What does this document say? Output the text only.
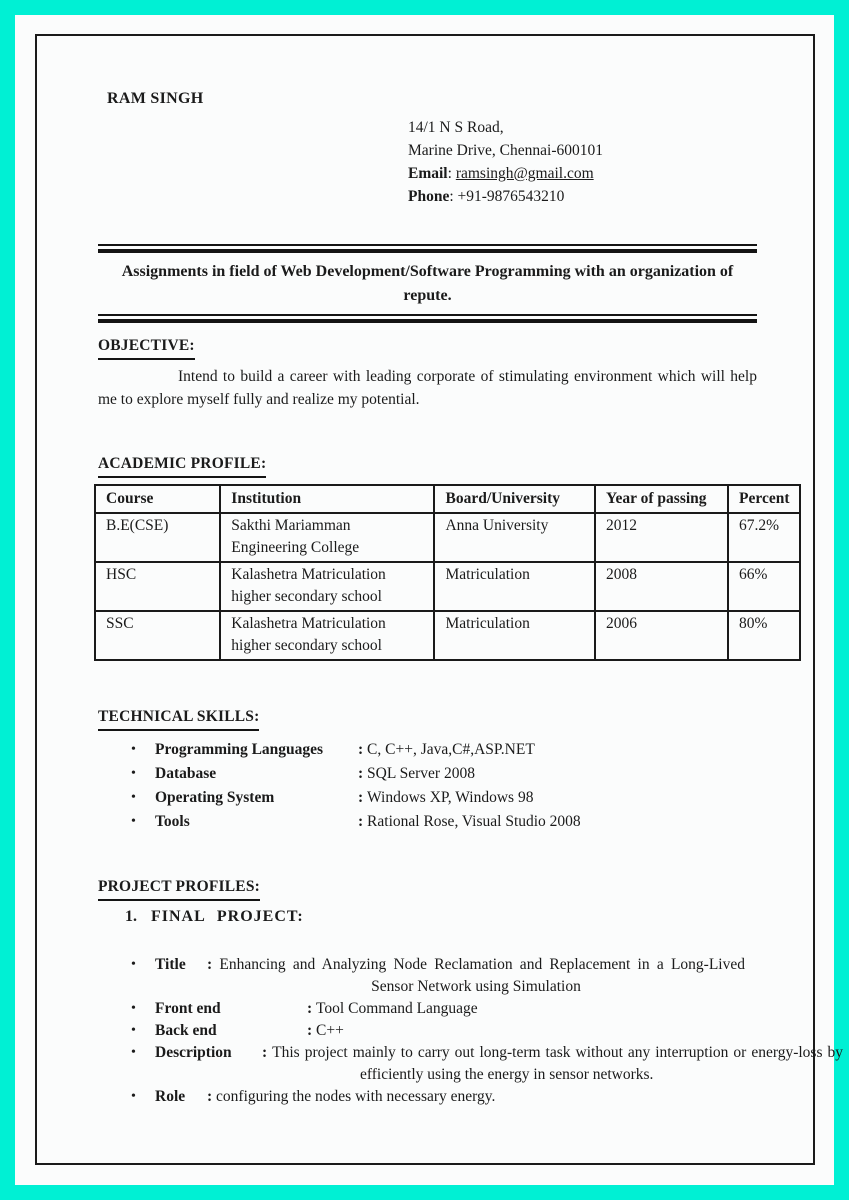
RAM SINGH
14/1 N S Road,
Marine Drive, Chennai-600101
Email: ramsingh@gmail.com
Phone: +91-9876543210
Assignments in field of Web Development/Software Programming with an organization of repute.
OBJECTIVE:
Intend to build a career with leading corporate of stimulating environment which will help me to explore myself fully and realize my potential.
ACADEMIC PROFILE:
Course	Institution	Board/University	Year of passing	Percent
B.E(CSE)	Sakthi Mariamman Engineering College	Anna University	2012	67.2%
HSC	Kalashetra Matriculation higher secondary school	Matriculation	2008	66%
SSC	Kalashetra Matriculation higher secondary school	Matriculation	2006	80%
TECHNICAL SKILLS:
•	Programming Languages	: C, C++, Java,C#,ASP.NET
•	Database	: SQL Server 2008
•	Operating System	: Windows XP, Windows 98
•	Tools	: Rational Rose, Visual Studio 2008
PROJECT PROFILES:
1. FINAL PROJECT:
•	Title	: Enhancing and Analyzing Node Reclamation and Replacement in a Long-Lived Sensor Network using Simulation
•	Front end	: Tool Command Language
•	Back end	: C++
•	Description	: This project mainly to carry out long-term task without any interruption or energy-loss by efficiently using the energy in sensor networks.
•	Role	: configuring the nodes with necessary energy.
